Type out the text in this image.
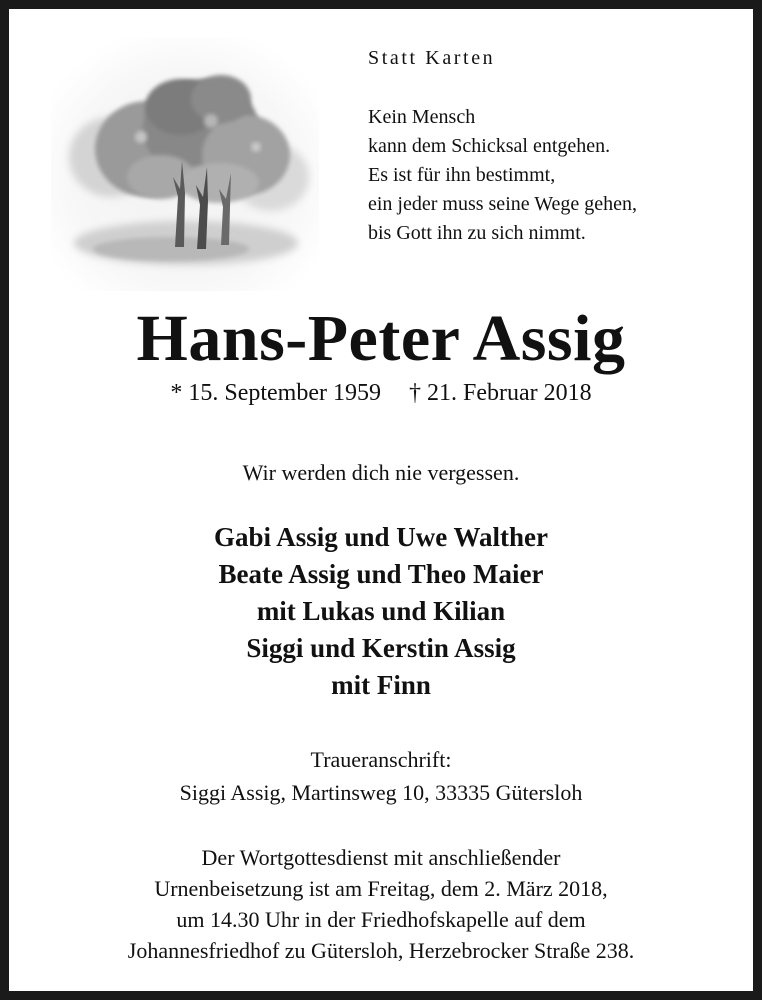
Statt Karten
Kein Mensch
kann dem Schicksal entgehen.
Es ist für ihn bestimmt,
ein jeder muss seine Wege gehen,
bis Gott ihn zu sich nimmt.
Hans-Peter Assig
* 15. September 1959 † 21. Februar 2018
Wir werden dich nie vergessen.
Gabi Assig und Uwe Walther
Beate Assig und Theo Maier
mit Lukas und Kilian
Siggi und Kerstin Assig
mit Finn
Traueranschrift:
Siggi Assig, Martinsweg 10, 33335 Gütersloh
Der Wortgottesdienst mit anschließender
Urnenbeisetzung ist am Freitag, dem 2. März 2018,
um 14.30 Uhr in der Friedhofskapelle auf dem
Johannesfriedhof zu Gütersloh, Herzebrocker Straße 238.
